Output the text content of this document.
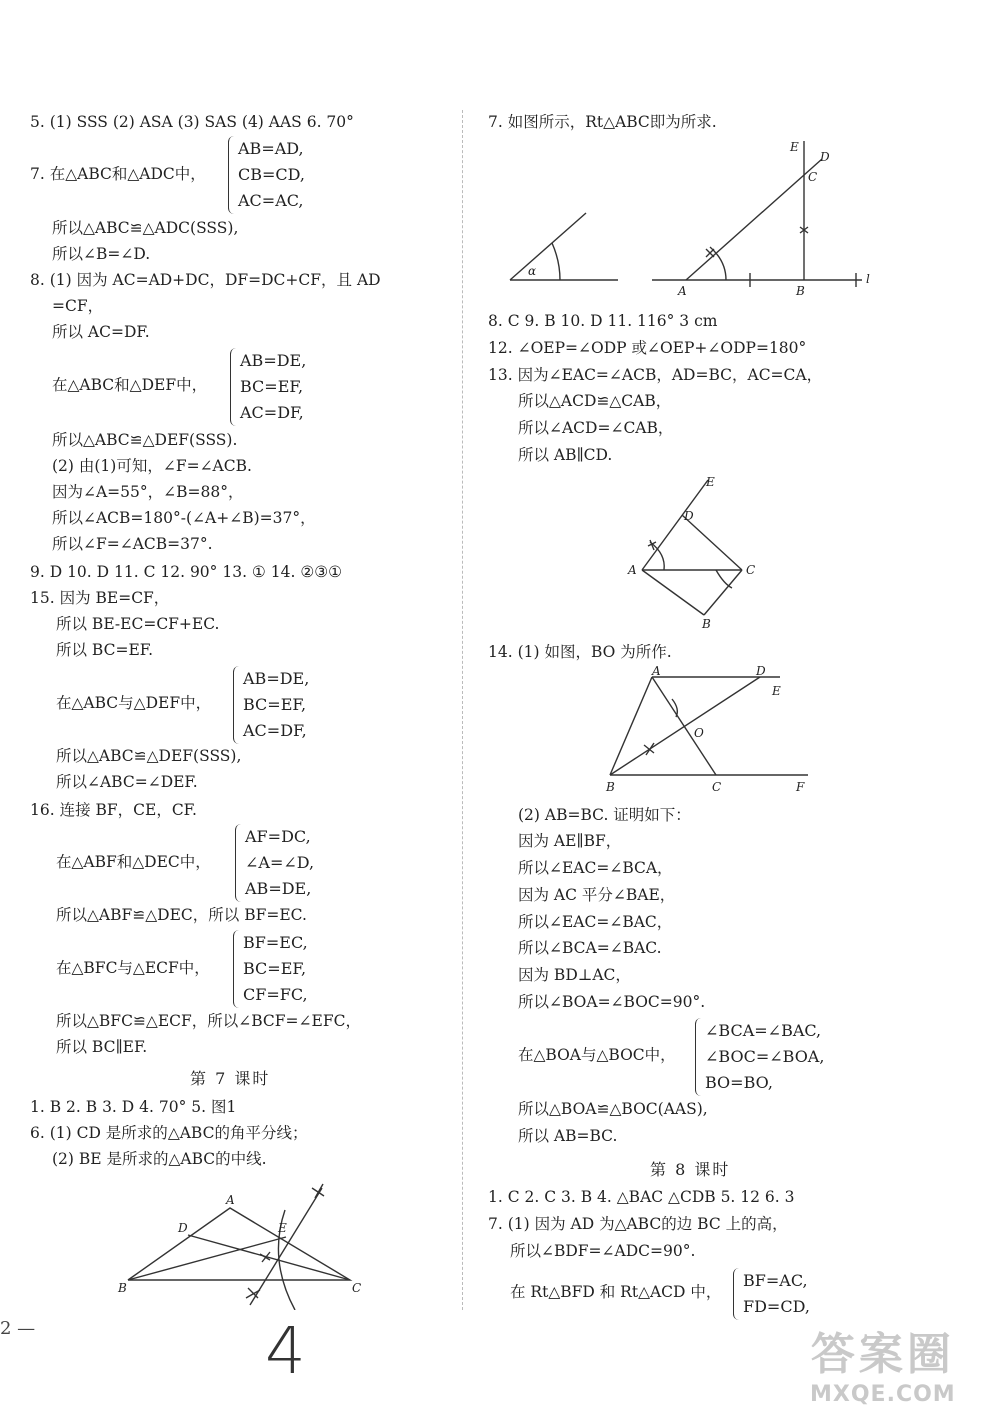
5. (1) SSS (2) ASA (3) SAS (4) AAS 6. 70°
7. 在△ABC和△ADC中，
AB=AD,
CB=CD,
AC=AC,
所以△ABC≌△ADC(SSS),
所以∠B=∠D.
8. (1) 因为 AC=AD+DC，DF=DC+CF，且 AD
=CF，
所以 AC=DF.
在△ABC和△DEF中，
AB=DE,
BC=EF,
AC=DF,
所以△ABC≌△DEF(SSS).
(2) 由(1)可知，∠F=∠ACB.
因为∠A=55°，∠B=88°，
所以∠ACB=180°-(∠A+∠B)=37°，
所以∠F=∠ACB=37°.
9. D 10. D 11. C 12. 90° 13. ① 14. ②③①
15. 因为 BE=CF，
所以 BE-EC=CF+EC.
所以 BC=EF.
在△ABC与△DEF中，
AB=DE,
BC=EF,
AC=DF,
所以△ABC≌△DEF(SSS),
所以∠ABC=∠DEF.
16. 连接 BF，CE，CF.
在△ABF和△DEC中，
AF=DC,
∠A=∠D,
AB=DE,
所以△ABF≌△DEC，所以 BF=EC.
在△BFC与△ECF中，
BF=EC,
BC=EF,
CF=FC,
所以△BFC≌△ECF，所以∠BCF=∠EFC，
所以 BC∥EF.
第 7 课时
1. B 2. B 3. D 4. 70° 5. 图1
6. (1) CD 是所求的△ABC的角平分线；
(2) BE 是所求的△ABC的中线.
A
D	E
B	C
7. 如图所示，Rt△ABC即为所求.
α
E
D
C
A	B
l
8. C 9. B 10. D 11. 116° 3 cm
12. ∠OEP=∠ODP 或∠OEP+∠ODP=180°
13. 因为∠EAC=∠ACB，AD=BC，AC=CA，
所以△ACD≌△CAB，
所以∠ACD=∠CAB，
所以 AB∥CD.
E
D
A	C
B
14. (1) 如图，BO 为所作.
A	D
E
O
B	C	F
(2) AB=BC. 证明如下：
因为 AE∥BF，
所以∠EAC=∠BCA，
因为 AC 平分∠BAE，
所以∠EAC=∠BAC，
所以∠BCA=∠BAC.
因为 BD⊥AC，
所以∠BOA=∠BOC=90°.
在△BOA与△BOC中，
∠BCA=∠BAC,
∠BOC=∠BOA,
BO=BO,
所以△BOA≌△BOC(AAS),
所以 AB=BC.
第 8 课时
1. C 2. C 3. B 4. △BAC △CDB 5. 12 6. 3
7. (1) 因为 AD 为△ABC的边 BC 上的高，
所以∠BDF=∠ADC=90°.
在 Rt△BFD 和 Rt△ACD 中，
BF=AC,
FD=CD,
2 —	4	答案圈
MXQE.COM
